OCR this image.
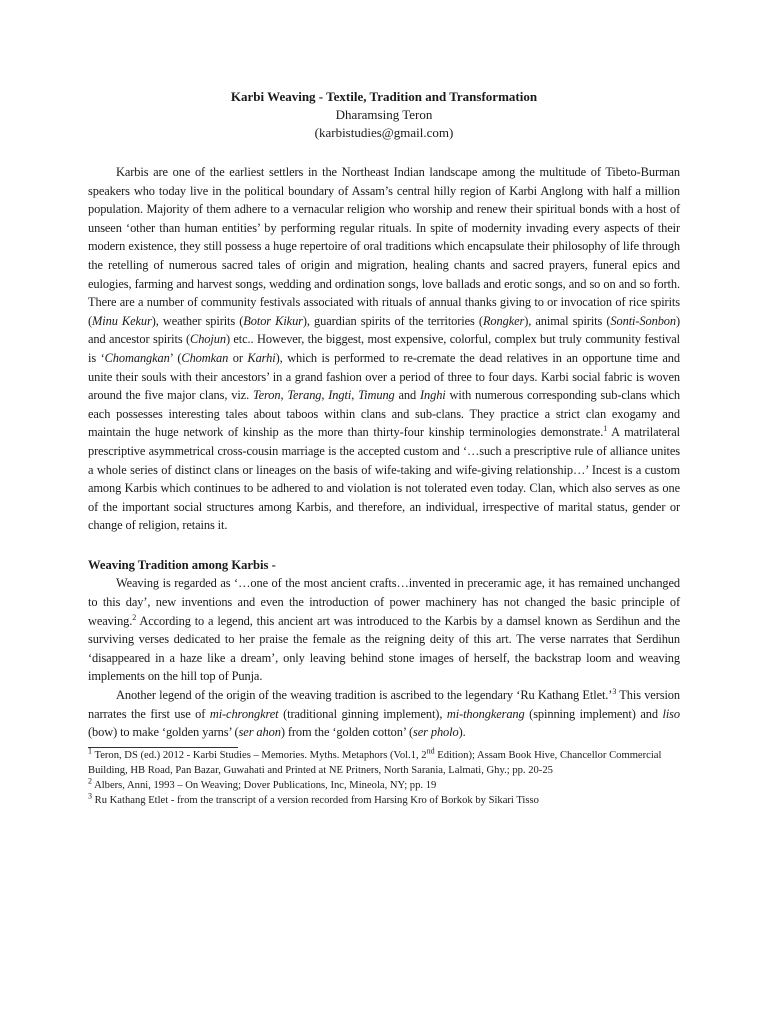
Karbi Weaving - Textile, Tradition and Transformation
Dharamsing Teron
(karbistudies@gmail.com)

Karbis are one of the earliest settlers in the Northeast Indian landscape among the multitude of Tibeto-Burman speakers who today live in the political boundary of Assam’s central hilly region of Karbi Anglong with half a million population. Majority of them adhere to a vernacular religion who worship and renew their spiritual bonds with a host of unseen ‘other than human entities’ by performing regular rituals. In spite of modernity invading every aspects of their modern existence, they still possess a huge repertoire of oral traditions which encapsulate their philosophy of life through the retelling of numerous sacred tales of origin and migration, healing chants and sacred prayers, funeral epics and eulogies, farming and harvest songs, wedding and ordination songs, love ballads and erotic songs, and so on and so forth. There are a number of community festivals associated with rituals of annual thanks giving to or invocation of rice spirits (Minu Kekur), weather spirits (Botor Kikur), guardian spirits of the territories (Rongker), animal spirits (Sonti-Sonbon) and ancestor spirits (Chojun) etc.. However, the biggest, most expensive, colorful, complex but truly community festival is ‘Chomangkan’ (Chomkan or Karhi), which is performed to re-cremate the dead relatives in an opportune time and unite their souls with their ancestors’ in a grand fashion over a period of three to four days. Karbi social fabric is woven around the five major clans, viz. Teron, Terang, Ingti, Timung and Inghi with numerous corresponding sub-clans which each possesses interesting tales about taboos within clans and sub-clans. They practice a strict clan exogamy and maintain the huge network of kinship as the more than thirty-four kinship terminologies demonstrate.$^1$ A matrilateral prescriptive asymmetrical cross-cousin marriage is the accepted custom and ‘…such a prescriptive rule of alliance unites a whole series of distinct clans or lineages on the basis of wife-taking and wife-giving relationship…’ Incest is a custom among Karbis which continues to be adhered to and violation is not tolerated even today. Clan, which also serves as one of the important social structures among Karbis, and therefore, an individual, irrespective of marital status, gender or change of religion, retains it.

Weaving Tradition among Karbis -

Weaving is regarded as ‘…one of the most ancient crafts…invented in preceramic age, it has remained unchanged to this day’, new inventions and even the introduction of power machinery has not changed the basic principle of weaving.$^2$ According to a legend, this ancient art was introduced to the Karbis by a damsel known as Serdihun and the surviving verses dedicated to her praise the female as the reigning deity of this art. The verse narrates that Serdihun ‘disappeared in a haze like a dream’, only leaving behind stone images of herself, the backstrap loom and weaving implements on the hill top of Punja.

Another legend of the origin of the weaving tradition is ascribed to the legendary ‘Ru Kathang Etlet.’$^3$ This version narrates the first use of mi-chrongkret (traditional ginning implement), mi-thongkerang (spinning implement) and liso (bow) to make ‘golden yarns’ (ser ahon) from the ‘golden cotton’ (ser pholo).

$^1$ Teron, DS (ed.) 2012 - Karbi Studies – Memories. Myths. Metaphors (Vol.1, 2nd Edition); Assam Book Hive, Chancellor Commercial Building, HB Road, Pan Bazar, Guwahati and Printed at NE Pritners, North Sarania, Lalmati, Ghy.; pp. 20-25

$^2$ Albers, Anni, 1993 – On Weaving; Dover Publications, Inc, Mineola, NY; pp. 19

$^3$ Ru Kathang Etlet - from the transcript of a version recorded from Harsing Kro of Borkok by Sikari Tisso
